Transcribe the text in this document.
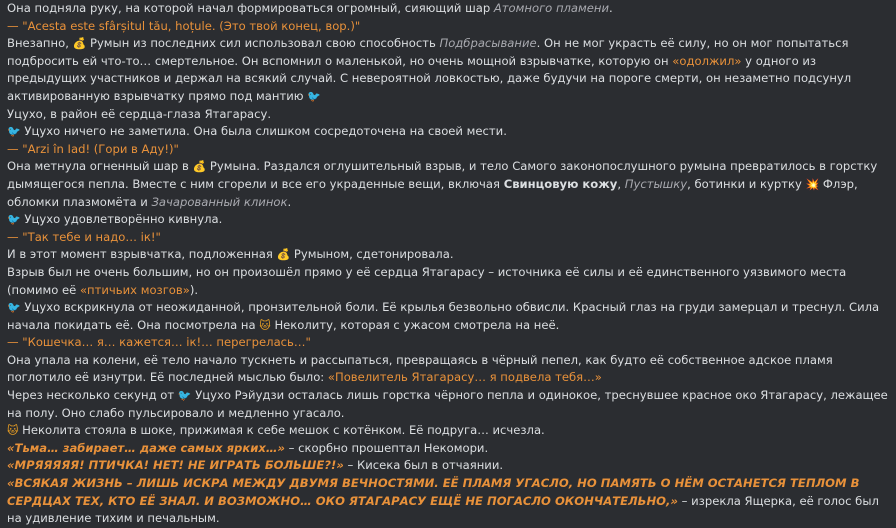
Она подняла руку, на которой начал формироваться огромный, сияющий шар Атомного пламени.

— "Acesta este sfârșitul tău, hoțule. (Это твой конец, вор.)"

Внезапно, 💰 Румын из последних сил использовал свою способность Подбрасывание. Он не мог украсть её силу, но он мог попытаться подбросить ей что-то… смертельное. Он вспомнил о маленькой, но очень мощной взрывчатке, которую он «одолжил» у одного из предыдущих участников и держал на всякий случай. С невероятной ловкостью, даже будучи на пороге смерти, он незаметно подсунул активированную взрывчатку прямо под мантию 🐦
Уцухо, в район её сердца-глаза Ятагарасу.

🐦 Уцухо ничего не заметила. Она была слишком сосредоточена на своей мести.

— "Arzi în Iad! (Гори в Аду!)"

Она метнула огненный шар в 💰 Румына. Раздался оглушительный взрыв, и тело Самого законопослушного румына превратилось в горстку дымящегося пепла. Вместе с ним сгорели и все его украденные вещи, включая Свинцовую кожу, Пустышку, ботинки и куртку 💥 Флэр, обломки плазмомёта и Зачарованный клинок.

🐦 Уцухо удовлетворённо кивнула.

— "Так тебе и надо… ік!"

И в этот момент взрывчатка, подложенная 💰 Румыном, сдетонировала.

Взрыв был не очень большим, но он произошёл прямо у её сердца Ятагарасу – источника её силы и её единственного уязвимого места (помимо её «птичьих мозгов»).

🐦 Уцухо вскрикнула от неожиданной, пронзительной боли. Её крылья безвольно обвисли. Красный глаз на груди замерцал и треснул. Сила начала покидать её. Она посмотрела на 🐱 Неколиту, которая с ужасом смотрела на неё.

— "Кошечка… я… кажется… ік!… перегрелась…"

Она упала на колени, её тело начало тускнеть и рассыпаться, превращаясь в чёрный пепел, как будто её собственное адское пламя поглотило её изнутри. Её последней мыслью было: «Повелитель Ятагарасу… я подвела тебя…»

Через несколько секунд от 🐦 Уцухо Рэйудзи осталась лишь горстка чёрного пепла и одинокое, треснувшее красное око Ятагарасу, лежащее на полу. Оно слабо пульсировало и медленно угасало.

🐱 Неколита стояла в шоке, прижимая к себе мешок с котёнком. Её подруга… исчезла.

«Тьма… забирает… даже самых ярких…» – скорбно прошептал Некомори.

«МРЯЯЯЯЯ! ПТИЧКА! НЕТ! НЕ ИГРАТЬ БОЛЬШЕ?!» – Кисека был в отчаянии.

«ВСЯКАЯ ЖИЗНЬ – ЛИШЬ ИСКРА МЕЖДУ ДВУМЯ ВЕЧНОСТЯМИ. ЕЁ ПЛАМЯ УГАСЛО, НО ПАМЯТЬ О НЁМ ОСТАНЕТСЯ ТЕПЛОМ В СЕРДЦАХ ТЕХ, КТО ЕЁ ЗНАЛ. И ВОЗМОЖНО… ОКО ЯТАГАРАСУ ЕЩЁ НЕ ПОГАСЛО ОКОНЧАТЕЛЬНО,» – изрекла Ящерка, её голос был на удивление тихим и печальным.
